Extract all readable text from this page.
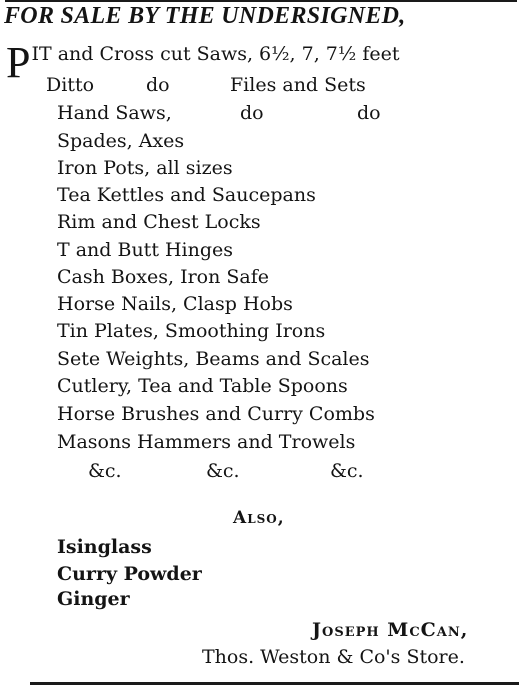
FOR SALE BY THE UNDERSIGNED,
PIT and Cross cut Saws, 6½, 7, 7½ feet
Ditto	do	Files and Sets
Hand Saws,	do	do
Spades, Axes
Iron Pots, all sizes
Tea Kettles and Saucepans
Rim and Chest Locks
T and Butt Hinges
Cash Boxes, Iron Safe
Horse Nails, Clasp Hobs
Tin Plates, Smoothing Irons
Sete Weights, Beams and Scales
Cutlery, Tea and Table Spoons
Horse Brushes and Curry Combs
Masons Hammers and Trowels
&c.	&c.	&c.
Also,
Isinglass
Curry Powder
Ginger
Joseph McCan,
Thos. Weston & Co's Store.
